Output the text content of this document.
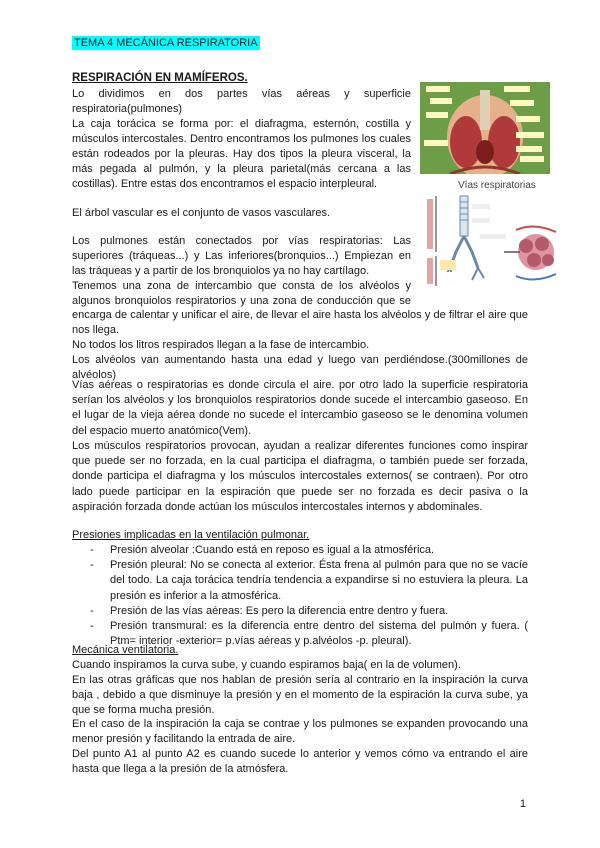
TEMA 4 MECÁNICA RESPIRATORIA
RESPIRACIÓN EN MAMÍFEROS.
Lo dividimos en dos partes vías aéreas y superficie
respiratoria(pulmones)
La caja torácica se forma por: el diafragma, esternón, costilla y
músculos intercostales. Dentro encontramos los pulmones los cuales
están rodeados por la pleuras. Hay dos tipos la pleura visceral, la
más pegada al pulmón, y la pleura parietal(más cercana a las
costillas). Entre estas dos encontramos el espacio interpleural.
El árbol vascular es el conjunto de vasos vasculares.
Los pulmones están conectados por vías respiratorias: Las
superiores (tráqueas...) y Las inferiores(bronquios...) Empiezan en
las tráqueas y a partir de los bronquiolos ya no hay cartílago.
Tenemos una zona de intercambio que consta de los alvéolos y
algunos bronquiolos respiratorios y una zona de conducción que se
encarga de calentar y unificar el aire, de llevar el aire hasta los alvéolos y de filtrar el aire que nos llega.
No todos los litros respirados llegan a la fase de intercambio.
Los alvéolos van aumentando hasta una edad y luego van perdiéndose.(300millones de alvéolos)
Vías aéreas o respiratorias es donde circula el aire. por otro lado la superficie respiratoria serían los alvéolos y los bronquiolos respiratorios donde sucede el intercambio gaseoso. En el lugar de la vieja aérea donde no sucede el intercambio gaseoso se le denomina volumen del espacio muerto anatómico(Vem).
Los músculos respiratorios provocan, ayudan a realizar diferentes funciones como inspirar que puede ser no forzada, en la cual participa el diafragma, o también puede ser forzada, donde participa el diafragma y los músculos intercostales externos( se contraen). Por otro lado puede participar en la espiración que puede ser no forzada es decir pasiva o la aspiración forzada donde actúan los músculos intercostales internos y abdominales.
Presiones implicadas en la ventilación pulmonar.
- Presión alveolar :Cuando está en reposo es igual a la atmosférica.
- Presión pleural: No se conecta al exterior. Ésta frena al pulmón para que no se vacíe del todo. La caja torácica tendría tendencia a expandirse si no estuviera la pleura. La presión es inferior a la atmosférica.
- Presión de las vías aéreas: Es pero la diferencia entre dentro y fuera.
- Presión transmural: es la diferencia entre dentro del sistema del pulmón y fuera. ( Ptm= interior -exterior= p.vías aéreas y p.alvéolos -p. pleural).
Mecánica ventilatoria.
Cuando inspiramos la curva sube, y cuando espiramos baja( en la de volumen).
En las otras gráficas que nos hablan de presión sería al contrario en la inspiración la curva baja , debido a que disminuye la presión y en el momento de la espiración la curva sube, ya que se forma mucha presión.
En el caso de la inspiración la caja se contrae y los pulmones se expanden provocando una menor presión y facilitando la entrada de aire.
Del punto A1 al punto A2 es cuando sucede lo anterior y vemos cómo va entrando el aire hasta que llega a la presión de la atmósfera.
Vías respiratorias
1
